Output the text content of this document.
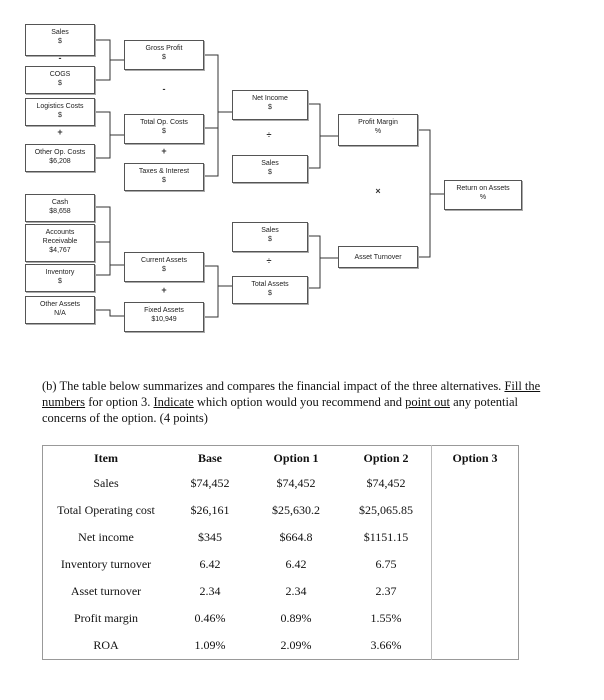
Sales
$
-
COGS
$
Gross Profit
$
-
Logistics Costs
$
+
Other Op. Costs
$6,208
Total Op. Costs
$
+
Taxes & Interest
$
Net Income
$
÷
Sales
$
Profit Margin
%
×	Return on Assets
%
Cash
$8,658
Accounts
Receivable
$4,767
Inventory
$
Other Assets
N/A
Current Assets
$
+
Fixed Assets
$10,949
Sales
$
÷
Total Assets
$
Asset Turnover
(b) The table below summarizes and compares the financial impact of the three alternatives. Fill the numbers for option 3. Indicate which option would you recommend and point out any potential concerns of the option. (4 points)
Item	Base	Option 1	Option 2	Option 3
Sales	$74,452	$74,452	$74,452	
Total Operating cost	$26,161	$25,630.2	$25,065.85	
Net income	$345	$664.8	$1151.15	
Inventory turnover	6.42	6.42	6.75	
Asset turnover	2.34	2.34	2.37	
Profit margin	0.46%	0.89%	1.55%	
ROA	1.09%	2.09%	3.66%	
